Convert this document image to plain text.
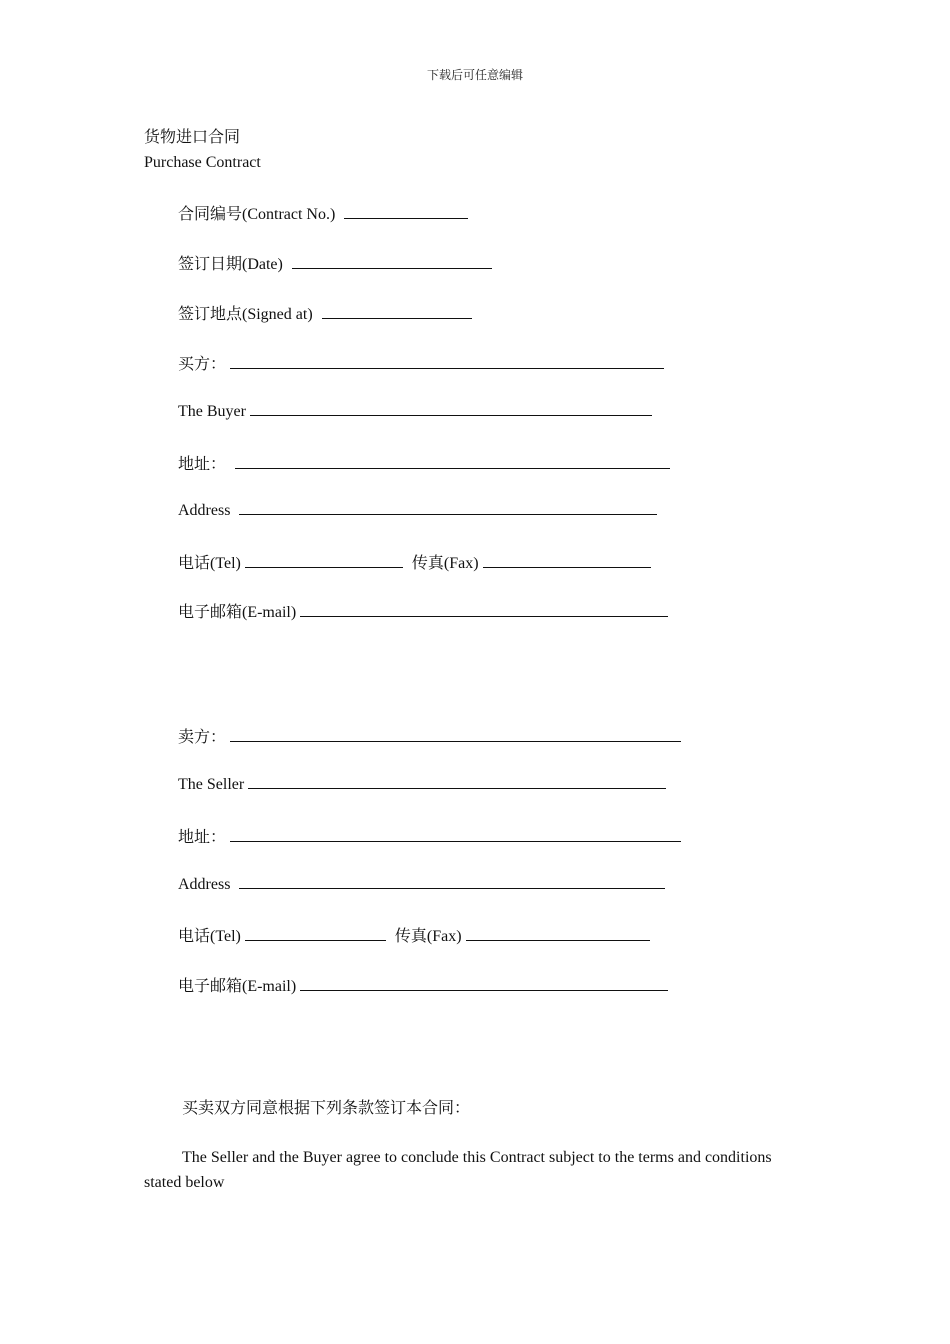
下载后可任意编辑
货物进口合同
Purchase Contract
合同编号(Contract No.)
签订日期(Date)
签订地点(Signed at)
买方：
The Buyer
地址：
Address
电话(Tel)	传真(Fax)
电子邮箱(E-mail)
卖方：
The Seller
地址：
Address
电话(Tel)	传真(Fax)
电子邮箱(E-mail)
买卖双方同意根据下列条款签订本合同：
The Seller and the Buyer agree to conclude this Contract subject to the terms and conditions
stated below
